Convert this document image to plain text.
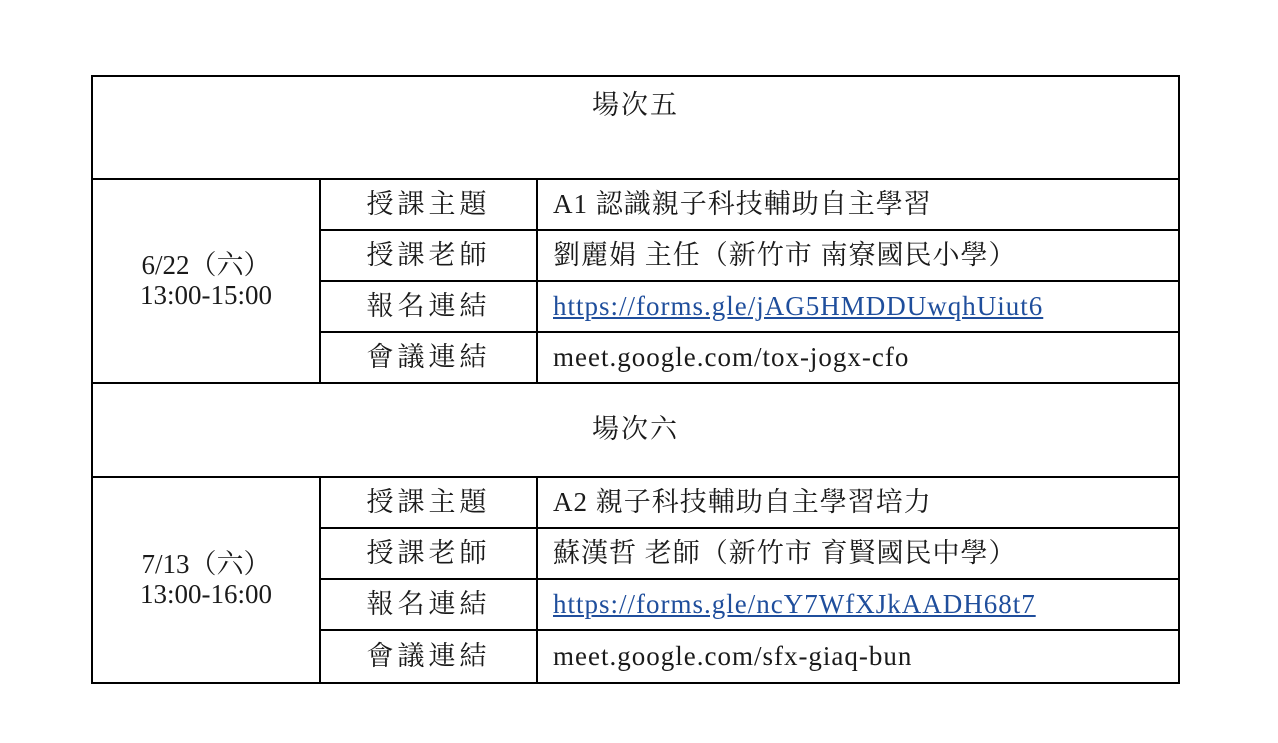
場次五		

6/22（六）
13:00-15:00	授課主題	A1 認識親子科技輔助自主學習
	授課老師	劉麗娟 主任（新竹市 南寮國民小學）
	報名連結	https://forms.gle/jAG5HMDDUwqhUiut6
	會議連結	meet.google.com/tox-jogx-cfo
場次六		

7/13（六）
13:00-16:00	授課主題	A2 親子科技輔助自主學習培力
	授課老師	蘇漢哲 老師（新竹市 育賢國民中學）
	報名連結	https://forms.gle/ncY7WfXJkAADH68t7
	會議連結	meet.google.com/sfx-giaq-bun
